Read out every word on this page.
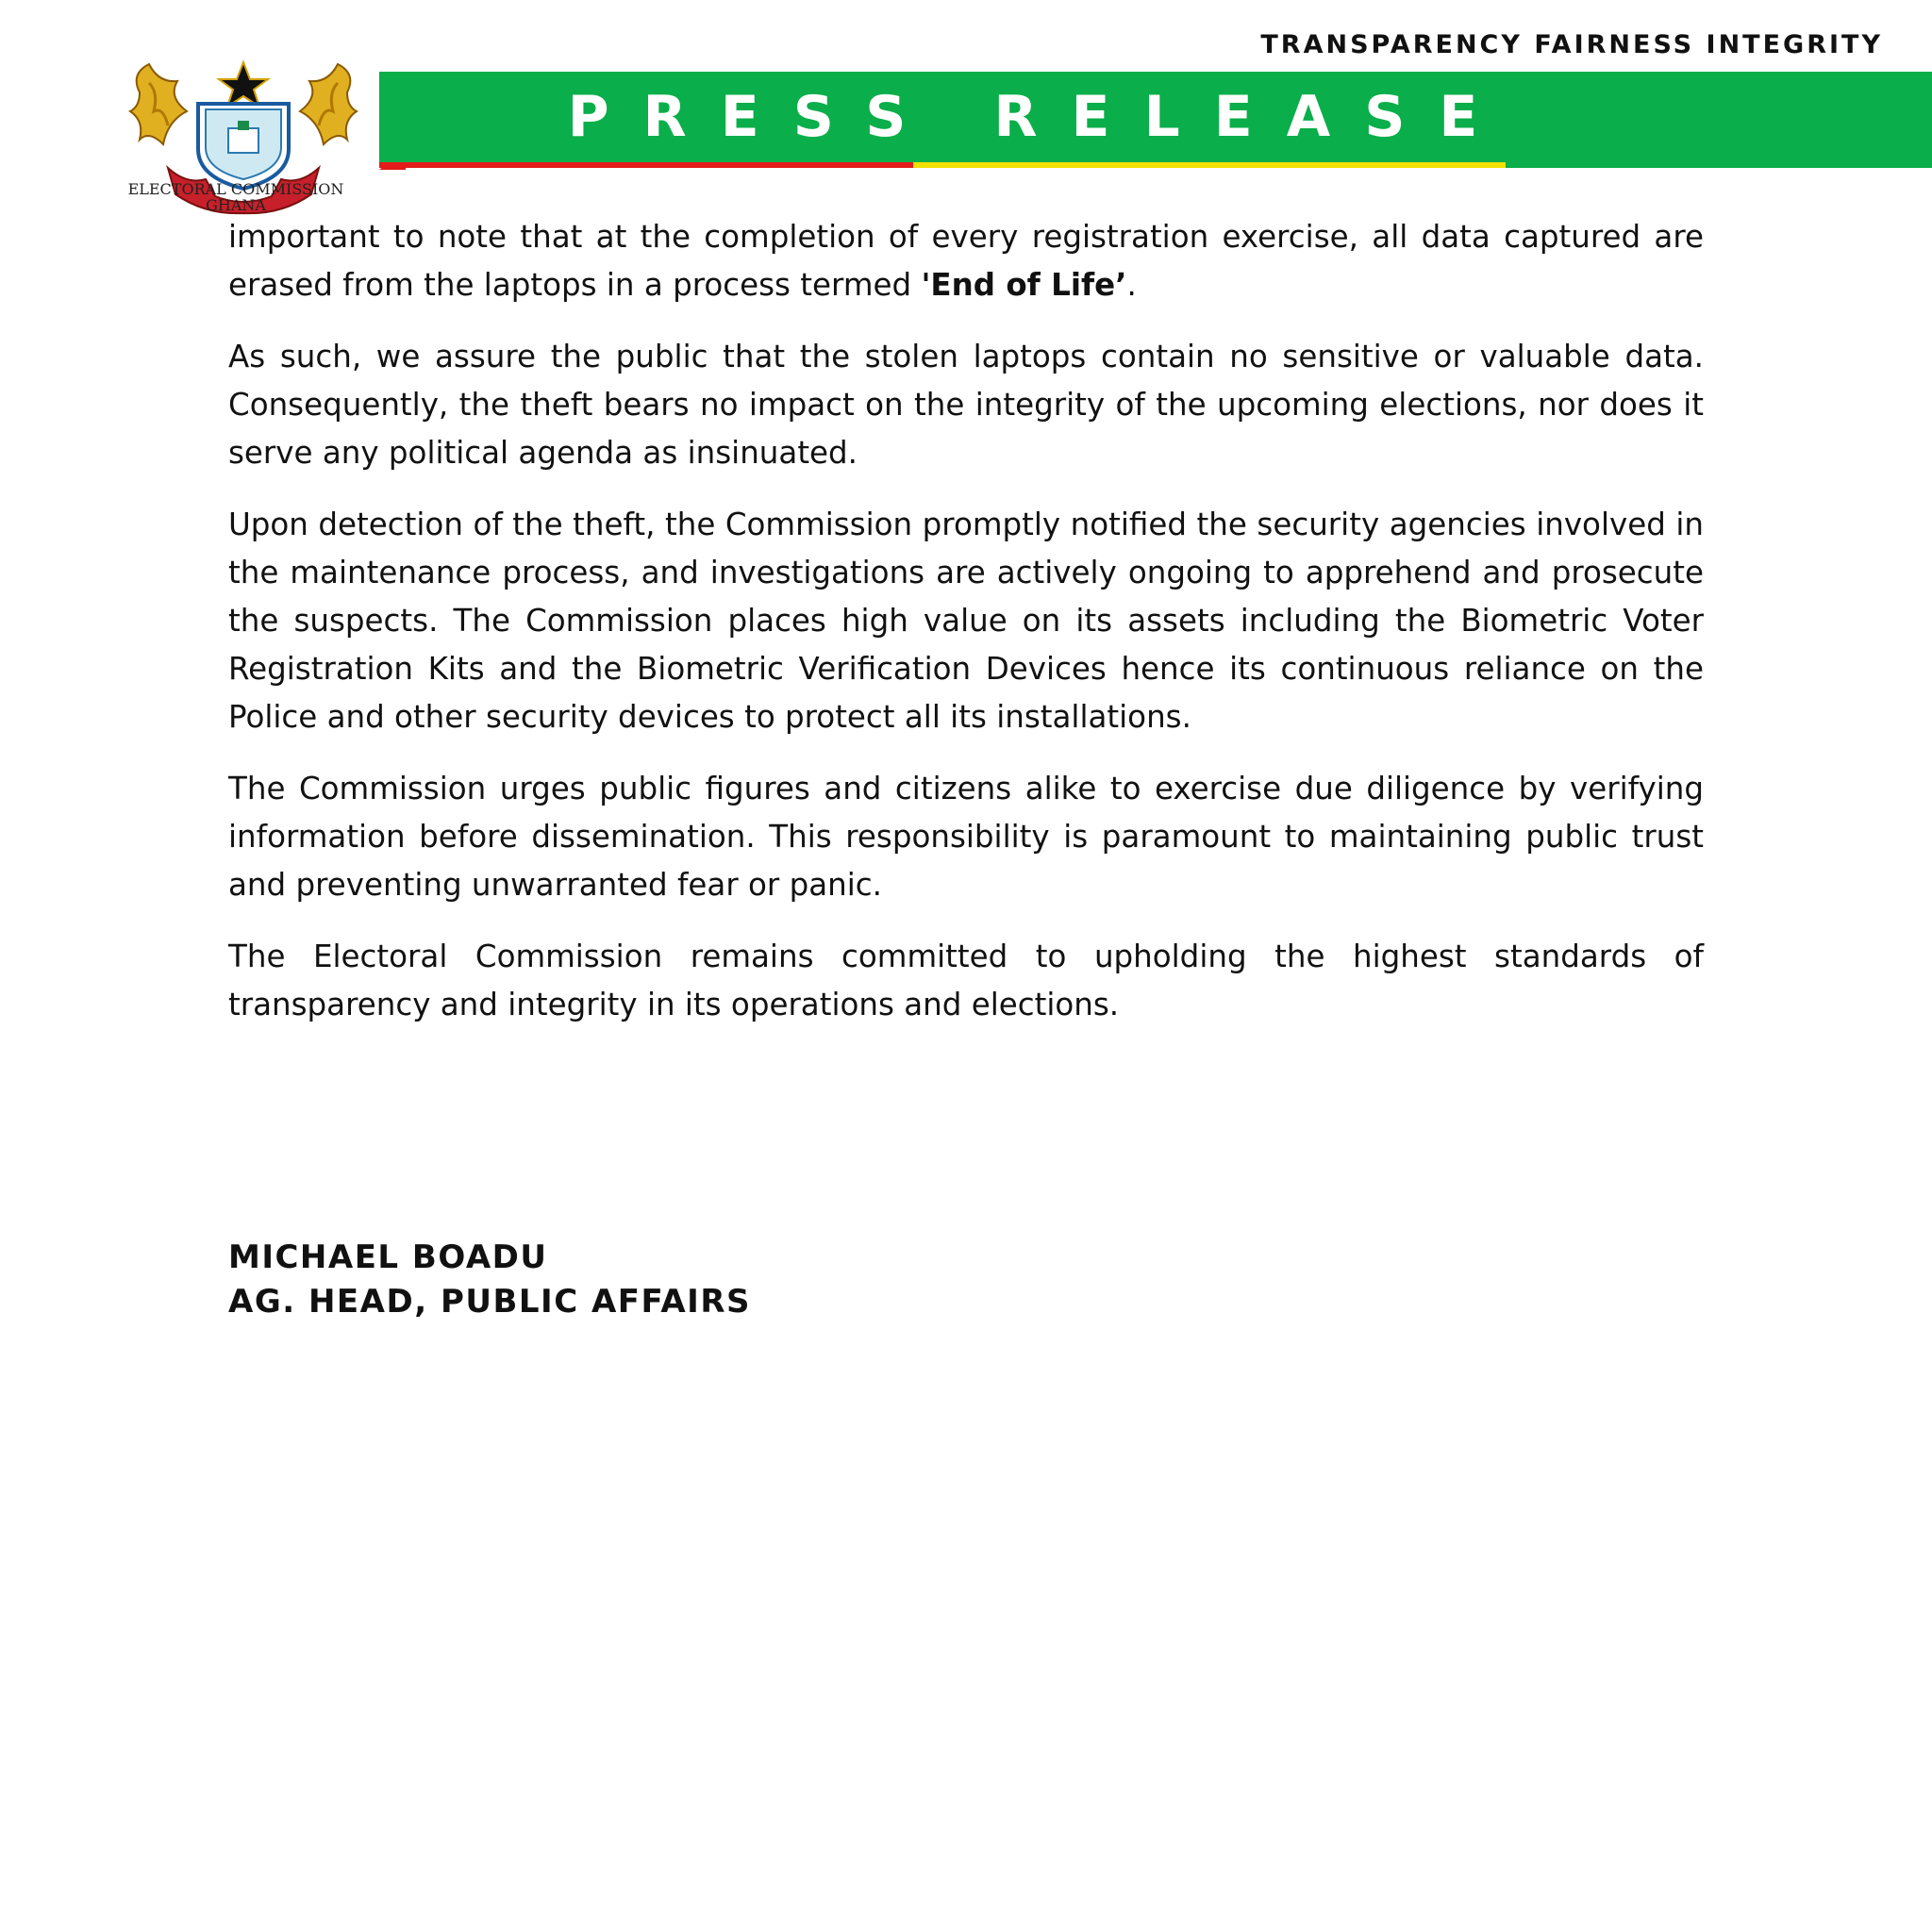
TRANSPARENCY FAIRNESS INTEGRITY

PRESS RELEASE

ELECTORAL COMMISSION
GHANA

important to note that at the completion of every registration exercise, all data captured are erased from the laptops in a process termed 'End of Life’.

As such, we assure the public that the stolen laptops contain no sensitive or valuable data. Consequently, the theft bears no impact on the integrity of the upcoming elections, nor does it serve any political agenda as insinuated.

Upon detection of the theft, the Commission promptly notified the security agencies involved in the maintenance process, and investigations are actively ongoing to apprehend and prosecute the suspects. The Commission places high value on its assets including the Biometric Voter Registration Kits and the Biometric Verification Devices hence its continuous reliance on the Police and other security devices to protect all its installations.

The Commission urges public figures and citizens alike to exercise due diligence by verifying information before dissemination. This responsibility is paramount to maintaining public trust and preventing unwarranted fear or panic.

The Electoral Commission remains committed to upholding the highest standards of transparency and integrity in its operations and elections.

MICHAEL BOADU
AG. HEAD, PUBLIC AFFAIRS
